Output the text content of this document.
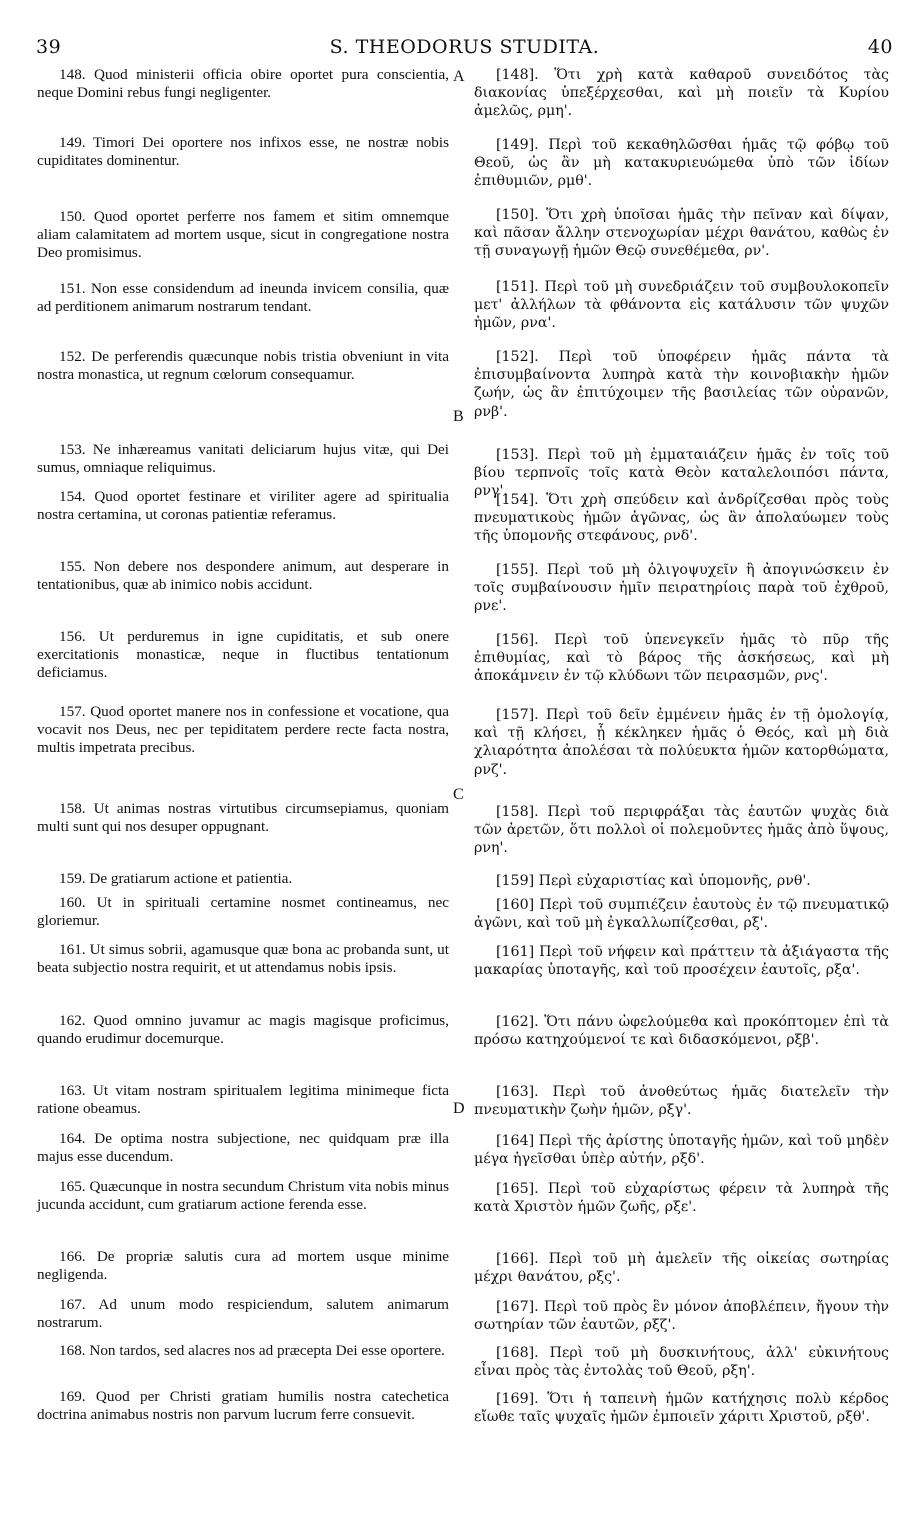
39	S. THEODORUS STUDITA.	40

148. Quod ministerii officia obire oportet pura conscientia, neque Domini rebus fungi negligenter.

149. Timori Dei oportere nos infixos esse, ne nostræ nobis cupiditates dominentur.

150. Quod oportet perferre nos famem et sitim omnemque aliam calamitatem ad mortem usque, sicut in congregatione nostra Deo promisimus.

151. Non esse considendum ad ineunda invicem consilia, quæ ad perditionem animarum nostrarum tendant.

152. De perferendis quæcunque nobis tristia obveniunt in vita nostra monastica, ut regnum cœlorum consequamur.

153. Ne inhæreamus vanitati deliciarum hujus vitæ, qui Dei sumus, omniaque reliquimus.

154. Quod oportet festinare et viriliter agere ad spiritualia nostra certamina, ut coronas patientiæ referamus.

155. Non debere nos despondere animum, aut desperare in tentationibus, quæ ab inimico nobis accidunt.

156. Ut perduremus in igne cupiditatis, et sub onere exercitationis monasticæ, neque in fluctibus tentationum deficiamus.

157. Quod oportet manere nos in confessione et vocatione, qua vocavit nos Deus, nec per tepiditatem perdere recte facta nostra, multis impetrata precibus.

158. Ut animas nostras virtutibus circumsepiamus, quoniam multi sunt qui nos desuper oppugnant.

159. De gratiarum actione et patientia.

160. Ut in spirituali certamine nosmet contineamus, nec gloriemur.

161. Ut simus sobrii, agamusque quæ bona ac probanda sunt, ut beata subjectio nostra requirit, et ut attendamus nobis ipsis.

162. Quod omnino juvamur ac magis magisque proficimus, quando erudimur docemurque.

163. Ut vitam nostram spiritualem legitima minimeque ficta ratione obeamus.

164. De optima nostra subjectione, nec quidquam præ illa majus esse ducendum.

165. Quæcunque in nostra secundum Christum vita nobis minus jucunda accidunt, cum gratiarum actione ferenda esse.

166. De propriæ salutis cura ad mortem usque minime negligenda.

167. Ad unum modo respiciendum, salutem animarum nostrarum.

168. Non tardos, sed alacres nos ad præcepta Dei esse oportere.

169. Quod per Christi gratiam humilis nostra catechetica doctrina animabus nostris non parvum lucrum ferre consuevit.

[148]. Ὅτι χρὴ κατὰ καθαροῦ συνειδότος τὰς διακονίας ὑπεξέρχεσθαι, καὶ μὴ ποιεῖν τὰ Κυρίου ἀμελῶς, ρμη'.

[149]. Περὶ τοῦ κεκαθηλῶσθαι ἡμᾶς τῷ φόβῳ τοῦ Θεοῦ, ὡς ἂν μὴ κατακυριευώμεθα ὑπὸ τῶν ἰδίων ἐπιθυμιῶν, ρμθ'.

[150]. Ὅτι χρὴ ὑποῖσαι ἡμᾶς τὴν πεῖναν καὶ δίψαν, καὶ πᾶσαν ἄλλην στενοχωρίαν μέχρι θανάτου, καθὼς ἐν τῇ συναγωγῇ ἡμῶν Θεῷ συνεθέμεθα, ρν'.

[151]. Περὶ τοῦ μὴ συνεδριάζειν τοῦ συμβουλοκοπεῖν μετ' ἀλλήλων τὰ φθάνοντα εἰς κατάλυσιν τῶν ψυχῶν ἡμῶν, ρνα'.

[152]. Περὶ τοῦ ὑποφέρειν ἡμᾶς πάντα τὰ ἐπισυμβαίνοντα λυπηρὰ κατὰ τὴν κοινοβιακὴν ἡμῶν ζωήν, ὡς ἂν ἐπιτύχοιμεν τῆς βασιλείας τῶν οὐρανῶν, ρνβ'.

[153]. Περὶ τοῦ μὴ ἐμματαιάζειν ἡμᾶς ἐν τοῖς τοῦ βίου τερπνοῖς τοῖς κατὰ Θεὸν καταλελοιπόσι πάντα, ρνγ'.

[154]. Ὅτι χρὴ σπεύδειν καὶ ἀνδρίζεσθαι πρὸς τοὺς πνευματικοὺς ἡμῶν ἀγῶνας, ὡς ἂν ἀπολαύωμεν τοὺς τῆς ὑπομονῆς στεφάνους, ρνδ'.

[155]. Περὶ τοῦ μὴ ὀλιγοψυχεῖν ἢ ἀπογινώσκειν ἐν τοῖς συμβαίνουσιν ἡμῖν πειρατηρίοις παρὰ τοῦ ἐχθροῦ, ρνε'.

[156]. Περὶ τοῦ ὑπενεγκεῖν ἡμᾶς τὸ πῦρ τῆς ἐπιθυμίας, καὶ τὸ βάρος τῆς ἀσκήσεως, καὶ μὴ ἀποκάμνειν ἐν τῷ κλύδωνι τῶν πειρασμῶν, ρνς'.

[157]. Περὶ τοῦ δεῖν ἐμμένειν ἡμᾶς ἐν τῇ ὁμολογίᾳ, καὶ τῇ κλήσει, ᾗ κέκληκεν ἡμᾶς ὁ Θεός, καὶ μὴ διὰ χλιαρότητα ἀπολέσαι τὰ πολύευκτα ἡμῶν κατορθώματα, ρνζ'.

[158]. Περὶ τοῦ περιφράξαι τὰς ἑαυτῶν ψυχὰς διὰ τῶν ἀρετῶν, ὅτι πολλοὶ οἱ πολεμοῦντες ἡμᾶς ἀπὸ ὕψους, ρνη'.

[159] Περὶ εὐχαριστίας καὶ ὑπομονῆς, ρνθ'.

[160] Περὶ τοῦ συμπιέζειν ἑαυτοὺς ἐν τῷ πνευματικῷ ἀγῶνι, καὶ τοῦ μὴ ἐγκαλλωπίζεσθαι, ρξ'.

[161] Περὶ τοῦ νήφειν καὶ πράττειν τὰ ἀξιάγαστα τῆς μακαρίας ὑποταγῆς, καὶ τοῦ προσέχειν ἑαυτοῖς, ρξα'.

[162]. Ὅτι πάνυ ὠφελούμεθα καὶ προκόπτομεν ἐπὶ τὰ πρόσω κατηχούμενοί τε καὶ διδασκόμενοι, ρξβ'.

[163]. Περὶ τοῦ ἀνοθεύτως ἡμᾶς διατελεῖν τὴν πνευματικὴν ζωὴν ἡμῶν, ρξγ'.

[164] Περὶ τῆς ἀρίστης ὑποταγῆς ἡμῶν, καὶ τοῦ μηδὲν μέγα ἡγεῖσθαι ὑπὲρ αὐτήν, ρξδ'.

[165]. Περὶ τοῦ εὐχαρίστως φέρειν τὰ λυπηρὰ τῆς κατὰ Χριστὸν ἡμῶν ζωῆς, ρξε'.

[166]. Περὶ τοῦ μὴ ἀμελεῖν τῆς οἰκείας σωτηρίας μέχρι θανάτου, ρξς'.

[167]. Περὶ τοῦ πρὸς ἓν μόνον ἀποβλέπειν, ἤγουν τὴν σωτηρίαν τῶν ἑαυτῶν, ρξζ'.

[168]. Περὶ τοῦ μὴ δυσκινήτους, ἀλλ' εὐκινήτους εἶναι πρὸς τὰς ἐντολὰς τοῦ Θεοῦ, ρξη'.

[169]. Ὅτι ἡ ταπεινὴ ἡμῶν κατήχησις πολὺ κέρδος εἴωθε ταῖς ψυχαῖς ἡμῶν ἐμποιεῖν χάριτι Χριστοῦ, ρξθ'.

A
B
C
D
